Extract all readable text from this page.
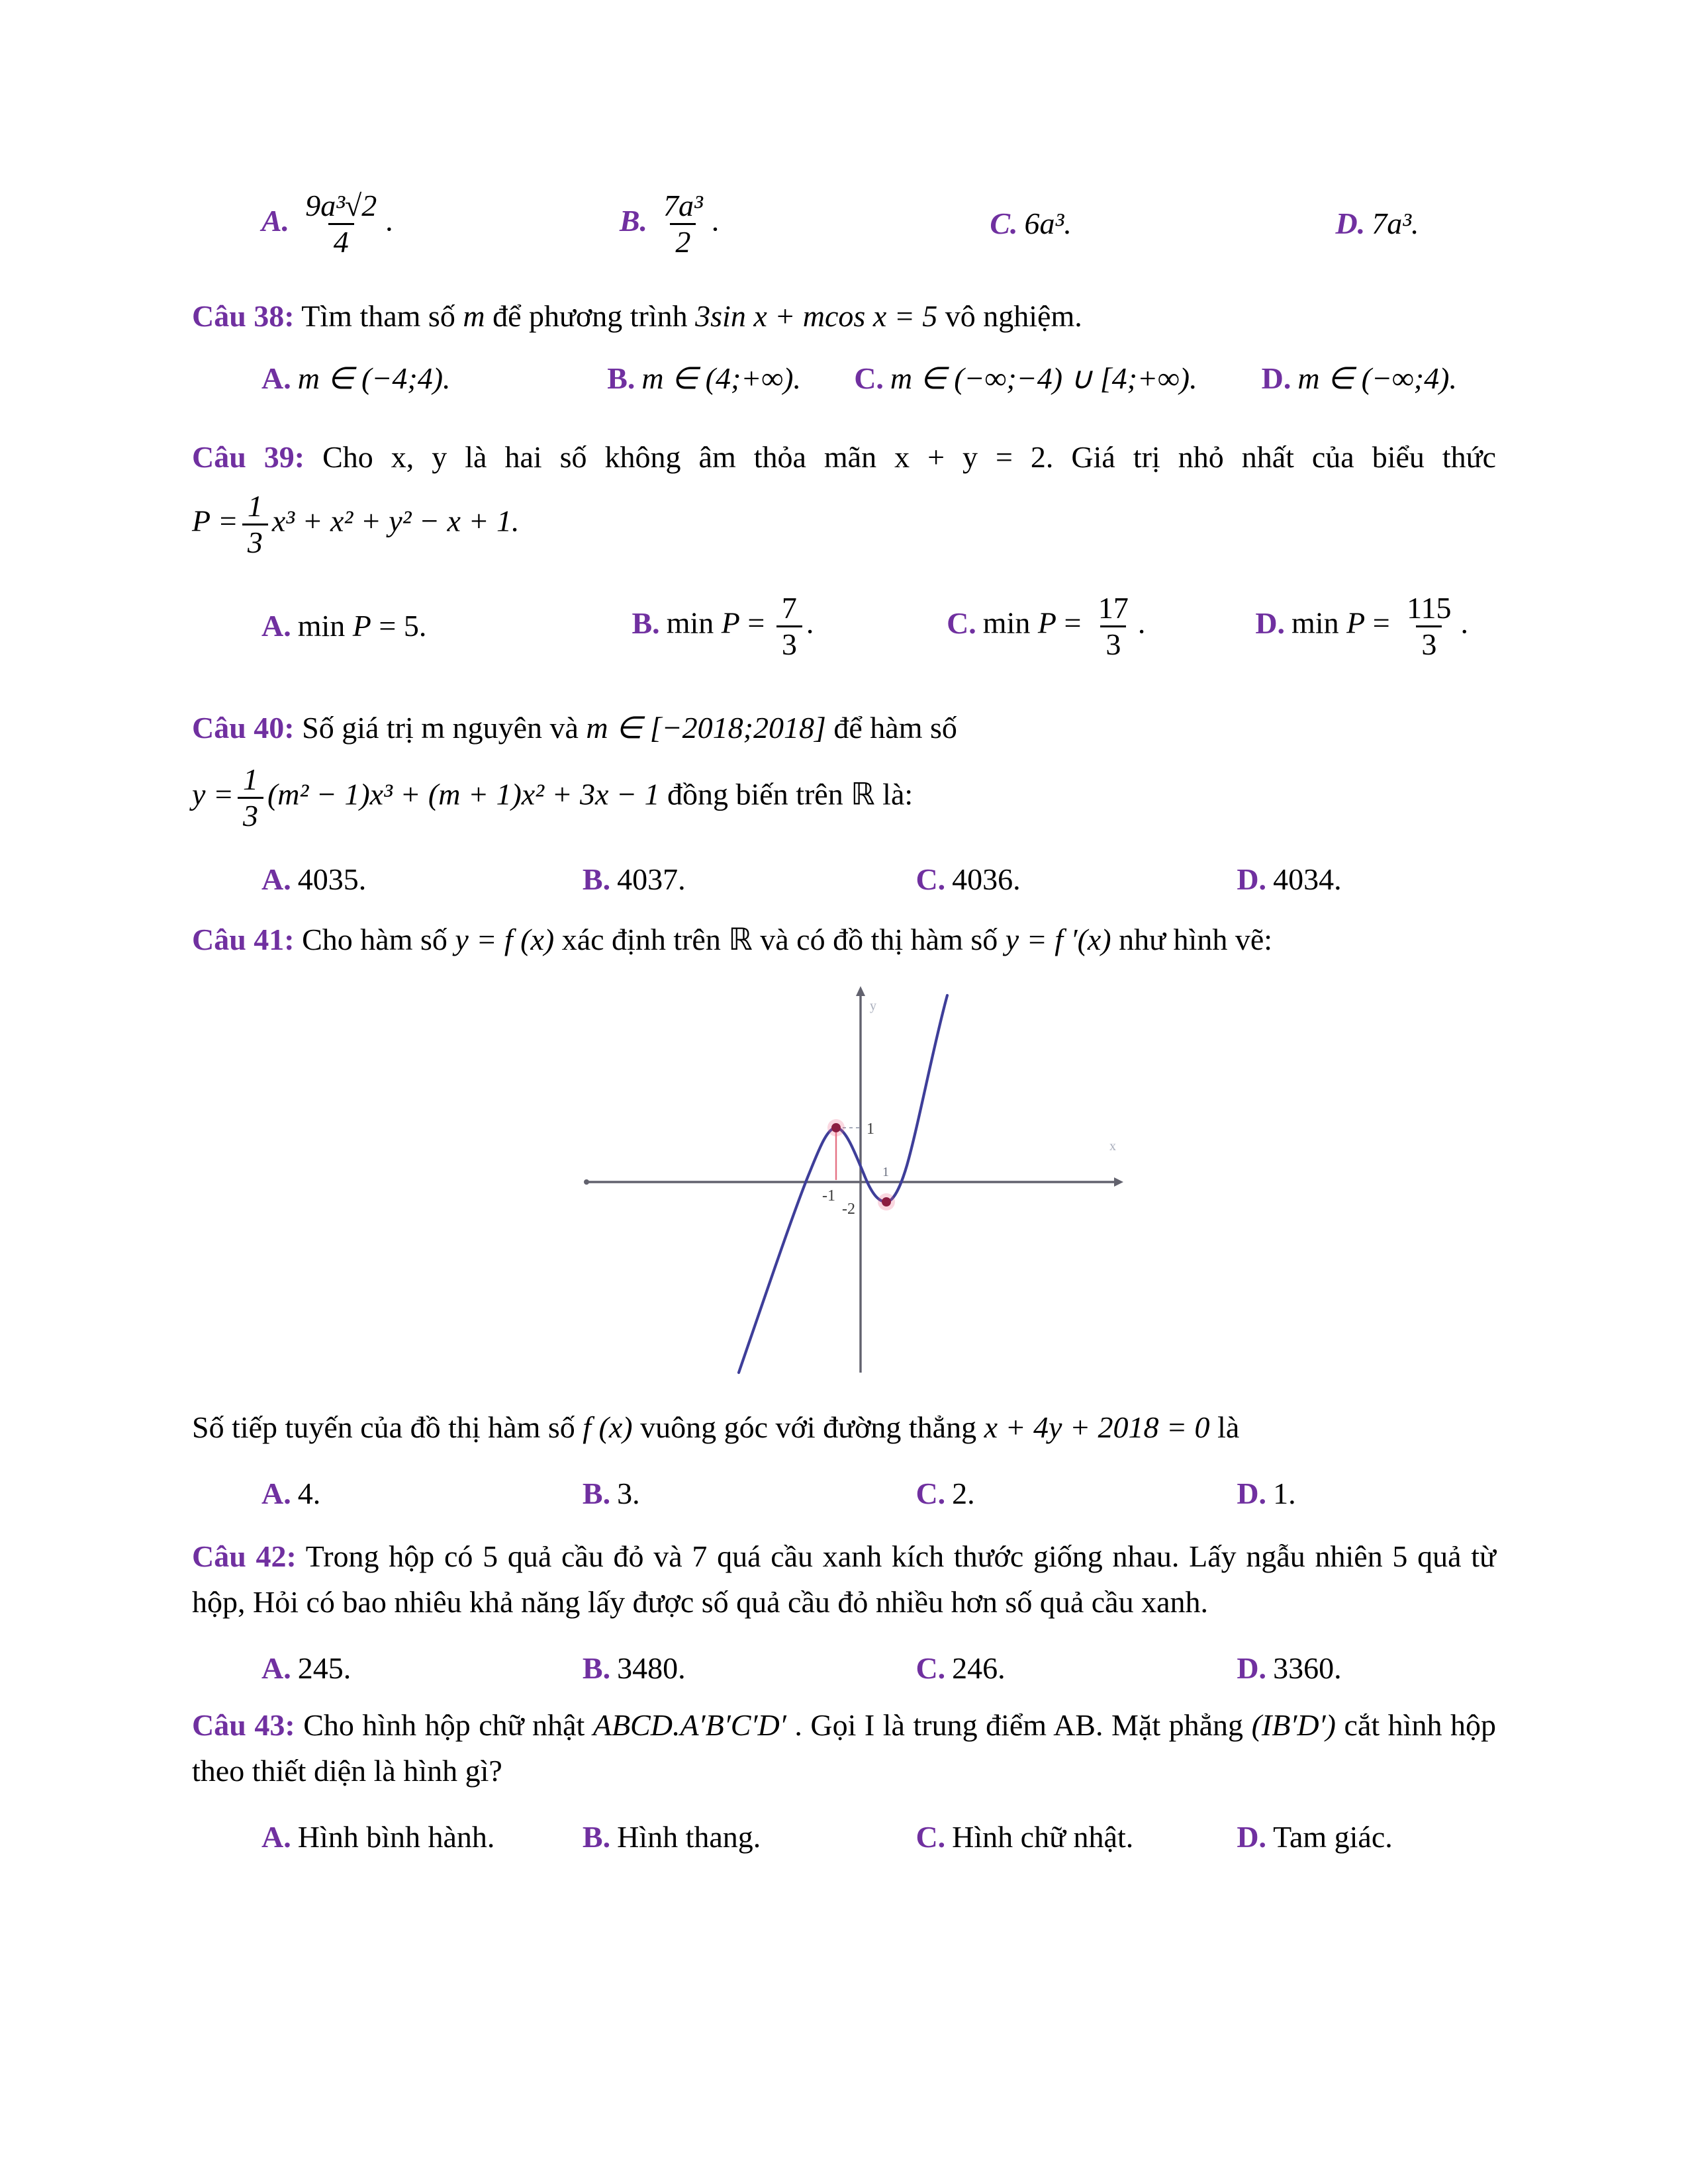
A. $\frac{\text{9a³√2}}{4}$ .	B. $\frac{\text{7a³}}{2}$ .	C. 6a³.	D. 7a³.
Câu 38: Tìm tham số m để phương trình 3sin x + mcos x = 5 vô nghiệm.
A. m ∈ (−4;4).	B. m ∈ (4;+∞).	C. m ∈ (−∞;−4) ∪ [4;+∞).	D. m ∈ (−∞;4).
Câu 39: Cho x, y là hai số không âm thỏa mãn x + y = 2. Giá trị nhỏ nhất của biểu thức
$P = \frac{1}{3} x^3 + x^2 + y^2 - x + 1$.
A. min P = 5.	B. $\min P = \frac{7}{3}$ .	C. $\min P = \frac{17}{3}$ .	D. $\min P = \frac{115}{3}$ .
Câu 40: Số giá trị m nguyên và m ∈ [−2018;2018] để hàm số
$y = \frac{1}{3} (m^2 - 1)x^3 + (m + 1)x^2 + 3x - 1$ đồng biến trên ℝ là:
A. 4035.	B. 4037.	C. 4036.	D. 4034.
Câu 41: Cho hàm số y = f (x) xác định trên ℝ và có đồ thị hàm số y = f ′(x) như hình vẽ:
1
-1
-2
1
y
x
Số tiếp tuyến của đồ thị hàm số f (x) vuông góc với đường thẳng x + 4y + 2018 = 0 là
A. 4.	B. 3.	C. 2.	D. 1.
Câu 42: Trong hộp có 5 quả cầu đỏ và 7 quá cầu xanh kích thước giống nhau. Lấy ngẫu nhiên 5 quả từ hộp, Hỏi có bao nhiêu khả năng lấy được số quả cầu đỏ nhiều hơn số quả cầu xanh.
A. 245.	B. 3480.	C. 246.	D. 3360.
Câu 43: Cho hình hộp chữ nhật ABCD.A′B′C′D′ . Gọi I là trung điểm AB. Mặt phẳng (IB′D′) cắt hình hộp theo thiết diện là hình gì?
A. Hình bình hành.	B. Hình thang.	C. Hình chữ nhật.	D. Tam giác.
